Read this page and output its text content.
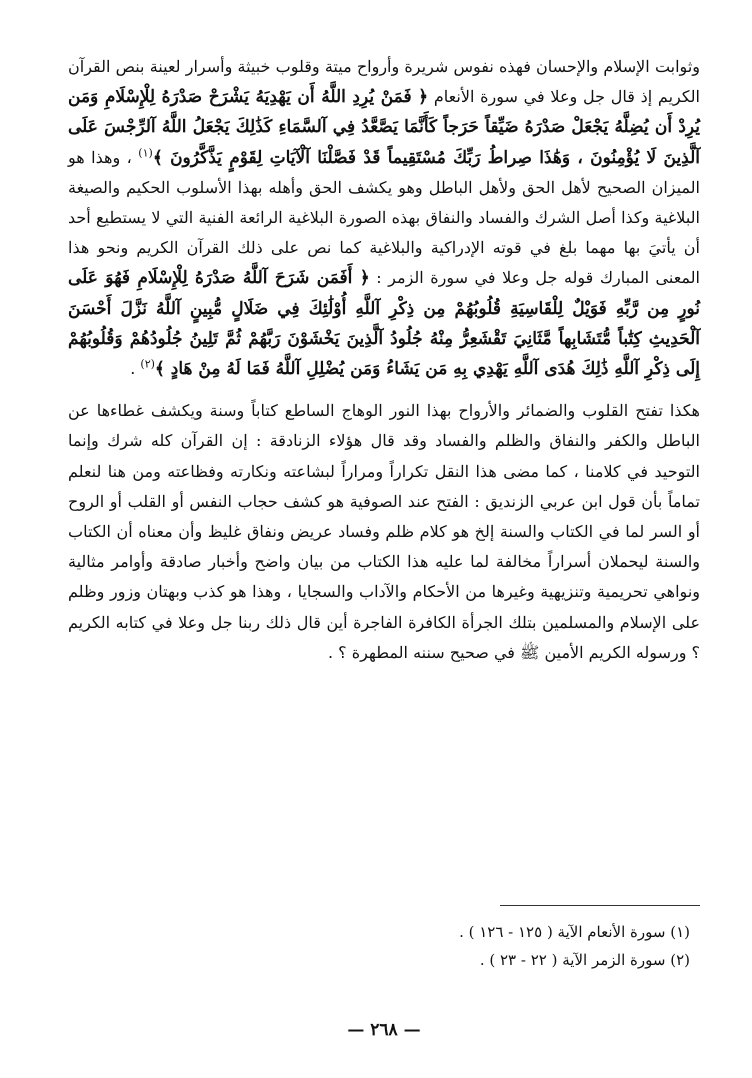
وثوابت الإسلام والإحسان فهذه نفوس شريرة وأرواح ميتة وقلوب خبيثة وأسرار لعينة بنص القرآن الكريم إذ قال جل وعلا في سورة الأنعام ﴿ فَمَنْ يُرِدِ اللَّهُ أَن يَهْدِيَهُ يَشْرَحْ صَدْرَهُ لِلْإِسْلَامِ وَمَن يُرِدْ أَن يُضِلَّهُ يَجْعَلْ صَدْرَهُ ضَيِّقاً حَرَجاً كَأَنَّمَا يَصَّعَّدُ فِي آلسَّمَاءِ كَذَٰلِكَ يَجْعَلُ اللَّهُ آلرِّجْسَ عَلَى آلَّذِينَ لَا يُؤْمِنُونَ ، وَهَٰذَا صِراطُ رَبِّكَ مُسْتَقِيماً قَدْ فَصَّلْنَا آلْآيَاتِ لِقَوْمٍ يَذَّكَّرُونَ ﴾$^{(١)}$ ، وهذا هو الميزان الصحيح لأهل الحق ولأهل الباطل وهو يكشف الحق وأهله بهذا الأسلوب الحكيم والصيغة البلاغية وكذا أصل الشرك والفساد والنفاق بهذه الصورة البلاغية الرائعة الفنية التي لا يستطيع أحد أن يأتيَ بها مهما بلغ في قوته الإدراكية والبلاغية كما نص على ذلك القرآن الكريم ونحو هذا المعنى المبارك قوله جل وعلا في سورة الزمر : ﴿ أَفَمَن شَرَحَ آللَّهُ صَدْرَهُ لِلْإِسْلَامِ فَهُوَ عَلَى نُورٍ مِن رَّبِّهِ فَوَيْلٌ لِلْقَاسِيَةِ قُلُوبُهُمْ مِن ذِكْرِ آللَّهِ أُوْلَٰئِكَ فِي ضَلَالٍ مُّبِينٍ آللَّهُ نَزَّلَ أَحْسَنَ آلْحَدِيثِ كِتَٰباً مُّتَشَابِهاً مَّثَانِيَ تَقْشَعِرُّ مِنْهُ جُلُودُ آلَّذِينَ يَخْشَوْنَ رَبَّهُمْ ثُمَّ تَلِينُ جُلُودُهُمْ وَقُلُوبُهُمْ إِلَى ذِكْرِ آللَّهِ ذَٰلِكَ هُدَى آللَّهِ يَهْدِي بِهِ مَن يَشَاءُ وَمَن يُضْلِلِ آللَّهُ فَمَا لَهُ مِنْ هَادٍ ﴾$^{(٢)}$ .

هكذا تفتح القلوب والضمائر والأرواح بهذا النور الوهاج الساطع كتاباً وسنة ويكشف غطاءها عن الباطل والكفر والنفاق والظلم والفساد وقد قال هؤلاء الزنادقة : إن القرآن كله شرك وإنما التوحيد في كلامنا ، كما مضى هذا النقل تكراراً ومراراً لبشاعته ونكارته وفظاعته ومن هنا لنعلم تماماً بأن قول ابن عربي الزنديق : الفتح عند الصوفية هو كشف حجاب النفس أو القلب أو الروح أو السر لما في الكتاب والسنة إلخ هو كلام ظلم وفساد عريض ونفاق غليظ وأن معناه أن الكتاب والسنة ليحملان أسراراً مخالفة لما عليه هذا الكتاب من بيان واضح وأخبار صادقة وأوامر مثالية ونواهي تحريمية وتنزيهية وغيرها من الأحكام والآداب والسجايا ، وهذا هو كذب وبهتان وزور وظلم على الإسلام والمسلمين بتلك الجرأة الكافرة الفاجرة أين قال ذلك ربنا جل وعلا في كتابه الكريم ؟ ورسوله الكريم الأمين ﷺ في صحيح سننه المطهرة ؟ .

(١) سورة الأنعام الآية ( ١٢٥ - ١٢٦ ) .

(٢) سورة الزمر الآية ( ٢٢ - ٢٣ ) .

— ٢٦٨ —
